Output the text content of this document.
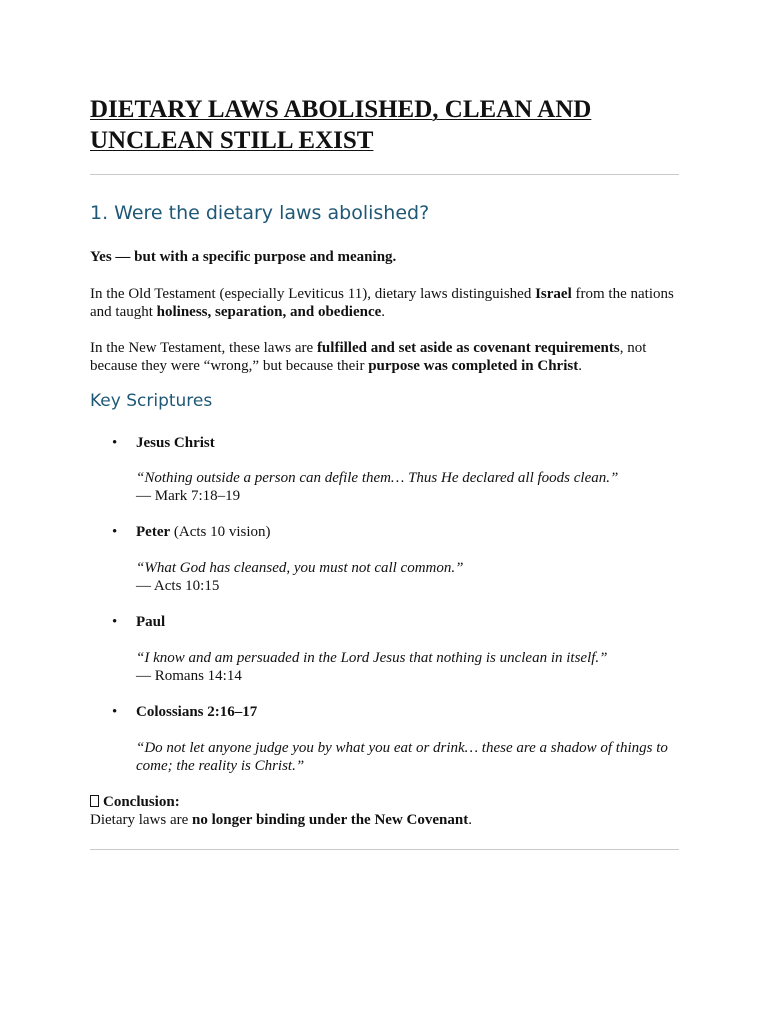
DIETARY LAWS ABOLISHED, CLEAN AND UNCLEAN STILL EXIST
1. Were the dietary laws abolished?

Yes — but with a specific purpose and meaning.

In the Old Testament (especially Leviticus 11), dietary laws distinguished Israel from the nations and taught holiness, separation, and obedience.

In the New Testament, these laws are fulfilled and set aside as covenant requirements, not because they were “wrong,” but because their purpose was completed in Christ.

Key Scriptures
• Jesus Christ

“Nothing outside a person can defile them… Thus He declared all foods clean.”

— Mark 7:18–19
• Peter (Acts 10 vision)

“What God has cleansed, you must not call common.”

— Acts 10:15
• Paul

“I know and am persuaded in the Lord Jesus that nothing is unclean in itself.”

— Romans 14:14
• Colossians 2:16–17

“Do not let anyone judge you by what you eat or drink… these are a shadow of things to come; the reality is Christ.”

Conclusion:

Dietary laws are no longer binding under the New Covenant.
